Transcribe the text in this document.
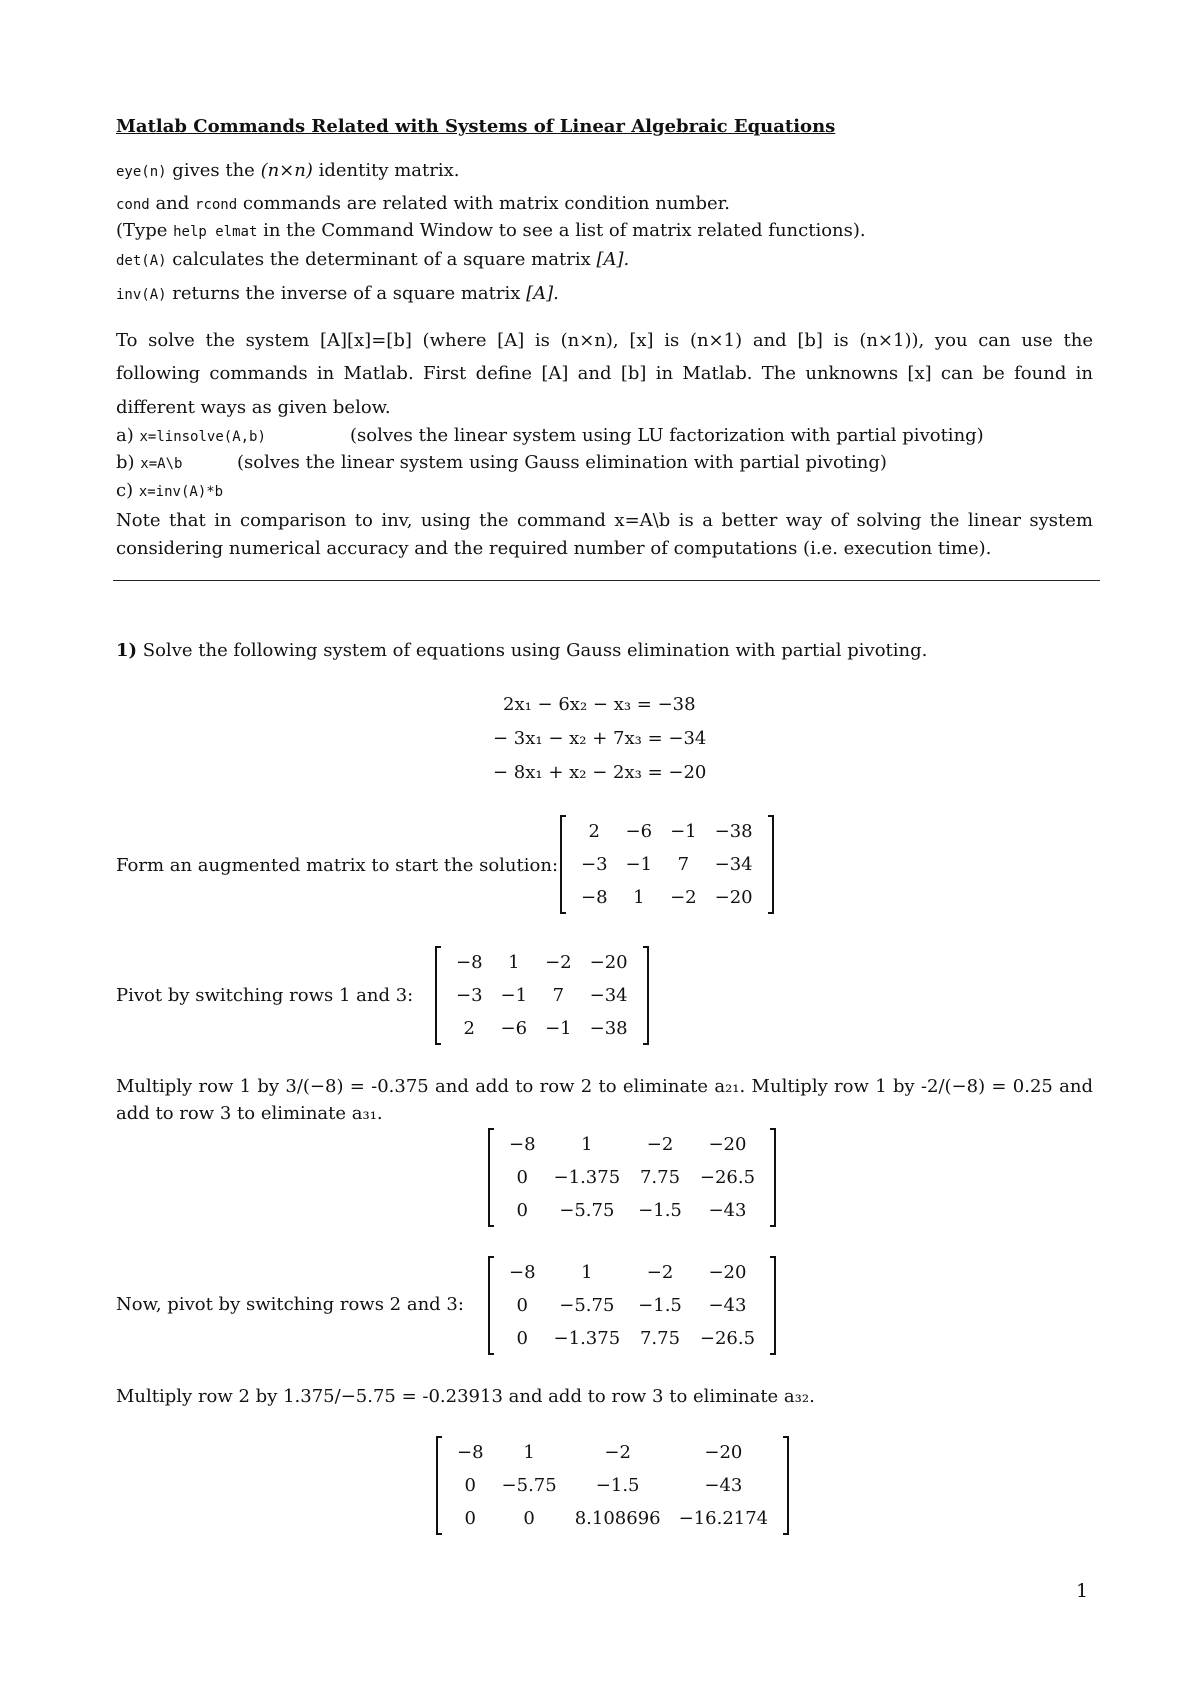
Matlab Commands Related with Systems of Linear Algebraic Equations
eye(n) gives the (n×n) identity matrix.
cond and rcond commands are related with matrix condition number.
(Type help elmat in the Command Window to see a list of matrix related functions).
det(A) calculates the determinant of a square matrix [A].
inv(A) returns the inverse of a square matrix [A].
To solve the system [A][x]=[b] (where [A] is (n×n), [x] is (n×1) and [b] is (n×1)), you can use the
following commands in Matlab. First define [A] and [b] in Matlab. The unknowns [x] can be found in
different ways as given below.
a) x=linsolve(A,b)	(solves the linear system using LU factorization with partial pivoting)
b) x=A\b	(solves the linear system using Gauss elimination with partial pivoting)
c) x=inv(A)*b
Note that in comparison to inv, using the command x=A\b is a better way of solving the linear system
considering numerical accuracy and the required number of computations (i.e. execution time).
1) Solve the following system of equations using Gauss elimination with partial pivoting.
2x₁ − 6x₂ − x₃ = −38
− 3x₁ − x₂ + 7x₃ = −34
− 8x₁ + x₂ − 2x₃ = −20
Form an augmented matrix to start the solution:
2	−6	−1	−38
−3	−1	7	−34
−8	1	−2	−20
Pivot by switching rows 1 and 3:
−8	1	−2	−20
−3	−1	7	−34
2	−6	−1	−38
Multiply row 1 by 3/(−8) = -0.375 and add to row 2 to eliminate a₂₁. Multiply row 1 by -2/(−8) = 0.25 and
add to row 3 to eliminate a₃₁.
−8	1	−2	−20
0	−1.375	7.75	−26.5
0	−5.75	−1.5	−43
Now, pivot by switching rows 2 and 3:
−8	1	−2	−20
0	−5.75	−1.5	−43
0	−1.375	7.75	−26.5
Multiply row 2 by 1.375/−5.75 = -0.23913 and add to row 3 to eliminate a₃₂.
−8	1	−2	−20
0	−5.75	−1.5	−43
0	0	8.108696	−16.2174
1
